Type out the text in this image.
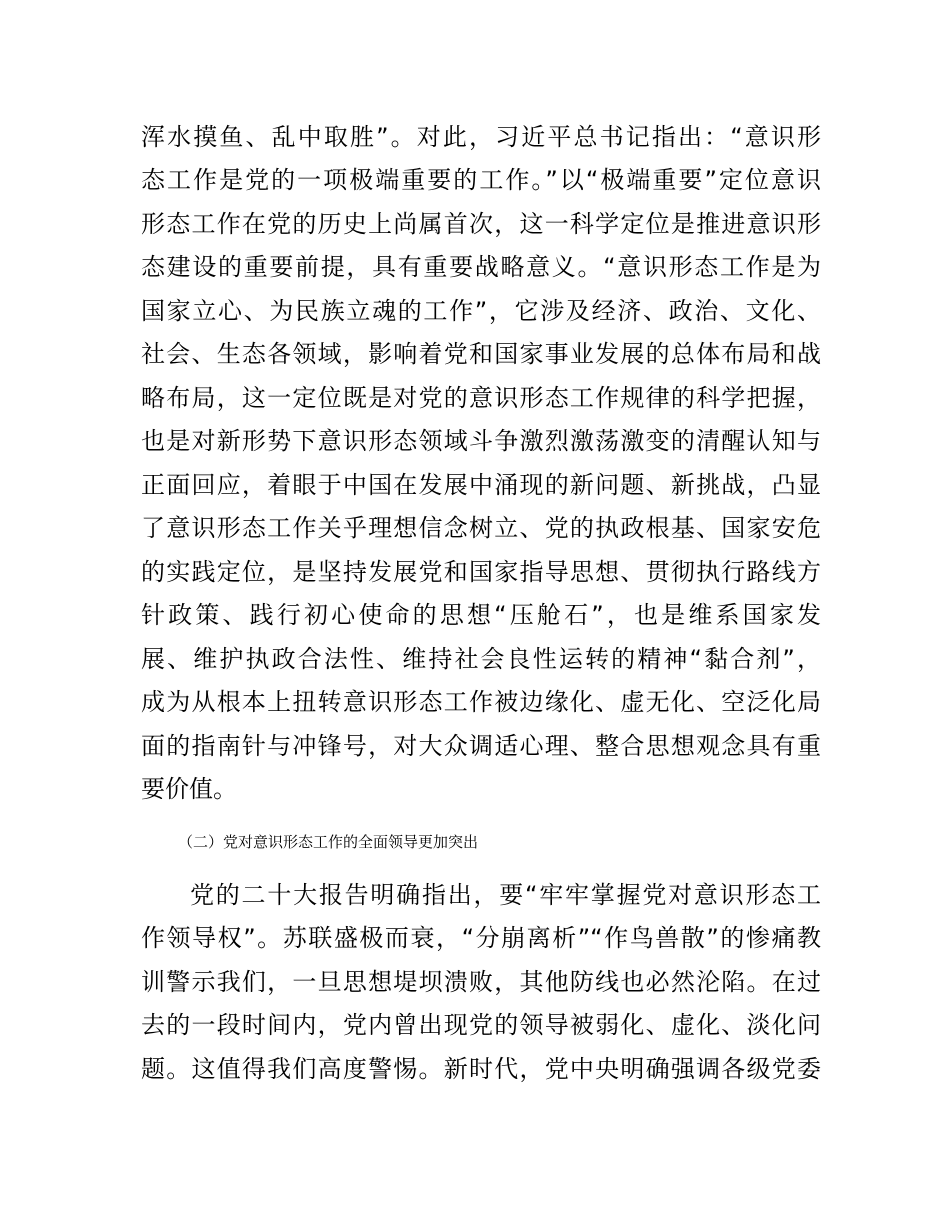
浑水摸鱼、乱中取胜”。对此，习近平总书记指出：“意识形
态工作是党的一项极端重要的工作。”以“极端重要”定位意识
形态工作在党的历史上尚属首次，这一科学定位是推进意识形
态建设的重要前提，具有重要战略意义。“意识形态工作是为
国家立心、为民族立魂的工作”，它涉及经济、政治、文化、
社会、生态各领域，影响着党和国家事业发展的总体布局和战
略布局，这一定位既是对党的意识形态工作规律的科学把握，
也是对新形势下意识形态领域斗争激烈激荡激变的清醒认知与
正面回应，着眼于中国在发展中涌现的新问题、新挑战，凸显
了意识形态工作关乎理想信念树立、党的执政根基、国家安危
的实践定位，是坚持发展党和国家指导思想、贯彻执行路线方
针政策、践行初心使命的思想“压舱石”，也是维系国家发
展、维护执政合法性、维持社会良性运转的精神“黏合剂”，
成为从根本上扭转意识形态工作被边缘化、虚无化、空泛化局
面的指南针与冲锋号，对大众调适心理、整合思想观念具有重
要价值。
（二）党对意识形态工作的全面领导更加突出
党的二十大报告明确指出，要“牢牢掌握党对意识形态工
作领导权”。苏联盛极而衰，“分崩离析”“作鸟兽散”的惨痛教
训警示我们，一旦思想堤坝溃败，其他防线也必然沦陷。在过
去的一段时间内，党内曾出现党的领导被弱化、虚化、淡化问
题。这值得我们高度警惕。新时代，党中央明确强调各级党委
